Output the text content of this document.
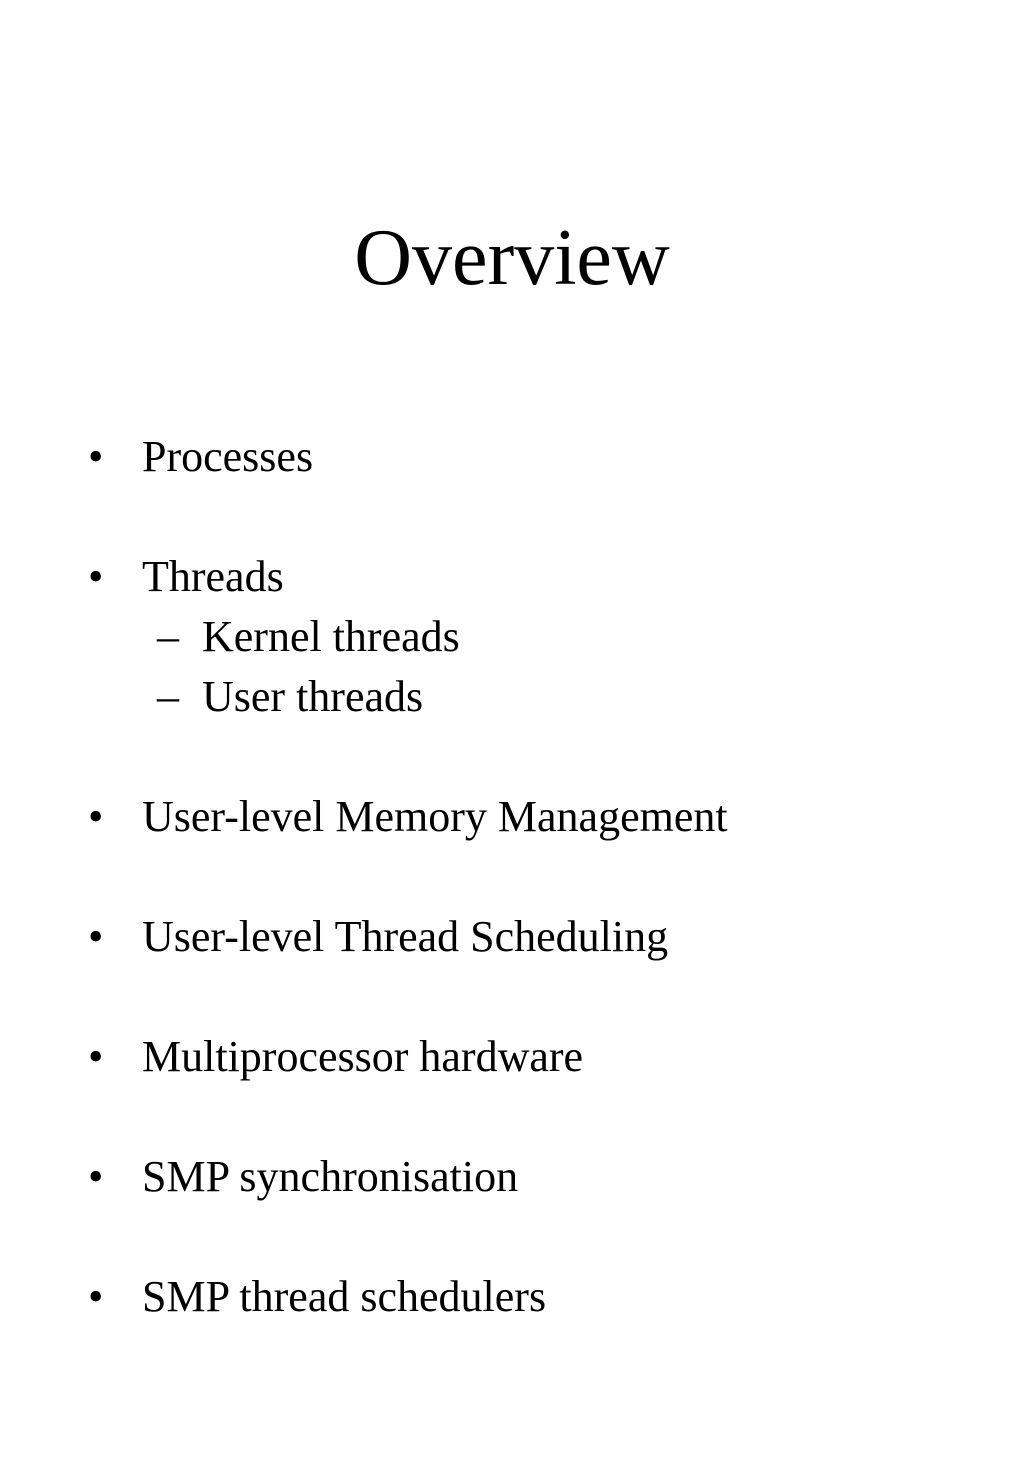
Overview
• Processes
• Threads
– Kernel threads
– User threads
• User-level Memory Management
• User-level Thread Scheduling
• Multiprocessor hardware
• SMP synchronisation
• SMP thread schedulers
